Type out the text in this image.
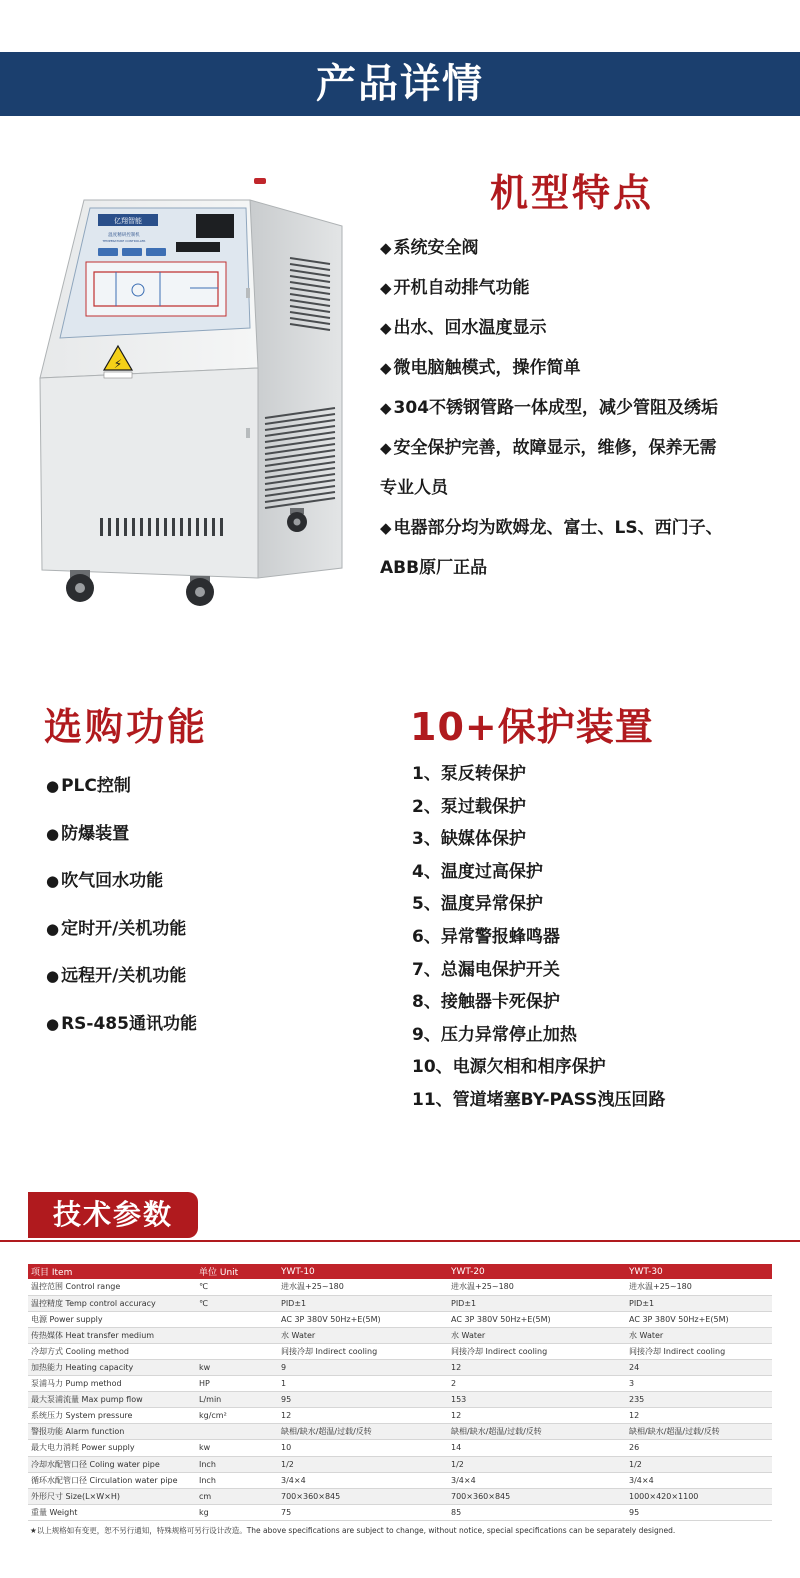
产品详情
亿翔智能
温度精研控制机
TEMPERATURE CONTROLLER
⚡
机型特点
◆ 系统安全阀
◆ 开机自动排气功能
◆ 出水、回水温度显示
◆ 微电脑触模式，操作简单
◆ 304不锈钢管路一体成型，减少管阻及绣垢
◆ 安全保护完善，故障显示，维修，保养无需
专业人员
◆ 电器部分均为欧姆龙、富士、LS、西门子、
ABB原厂正品
选购功能
● PLC控制
● 防爆装置
● 吹气回水功能
● 定时开/关机功能
● 远程开/关机功能
● RS-485通讯功能
10+保护装置
1、泵反转保护
2、泵过载保护
3、缺媒体保护
4、温度过高保护
5、温度异常保护
6、异常警报蜂鸣器
7、总漏电保护开关
8、接触器卡死保护
9、压力异常停止加热
10、电源欠相和相序保护
11、管道堵塞BY-PASS洩压回路
技术参数
项目 Item	单位 Unit	YWT-10	YWT-20	YWT-30
温控范围 Control range	℃	进水温+25~180	进水温+25~180	进水温+25~180
温控精度 Temp control accuracy	℃	PID±1	PID±1	PID±1
电源 Power supply		AC 3P 380V 50Hz+E(5M)	AC 3P 380V 50Hz+E(5M)	AC 3P 380V 50Hz+E(5M)
传热媒体 Heat transfer medium		水 Water	水 Water	水 Water
冷却方式 Cooling method		间接冷却 Indirect cooling	间接冷却 Indirect cooling	间接冷却 Indirect cooling
加热能力 Heating capacity	kw	9	12	24
泵浦马力 Pump method	HP	1	2	3
最大泵浦流量 Max pump flow	L/min	95	153	235
系统压力 System pressure	kg/cm²	12	12	12
警报功能 Alarm function		缺相/缺水/超温/过载/反转	缺相/缺水/超温/过载/反转	缺相/缺水/超温/过载/反转
最大电力消耗 Power supply	kw	10	14	26
冷却水配管口径 Coling water pipe	Inch	1/2	1/2	1/2
循环水配管口径 Circulation water pipe	Inch	3/4×4	3/4×4	3/4×4
外形尺寸 Size(L×W×H)	cm	700×360×845	700×360×845	1000×420×1100
重量 Weight	kg	75	85	95
★以上规格如有变更，恕不另行通知，特殊规格可另行设计改造。The above specifications are subject to change, without notice, special specifications can be separately designed.
